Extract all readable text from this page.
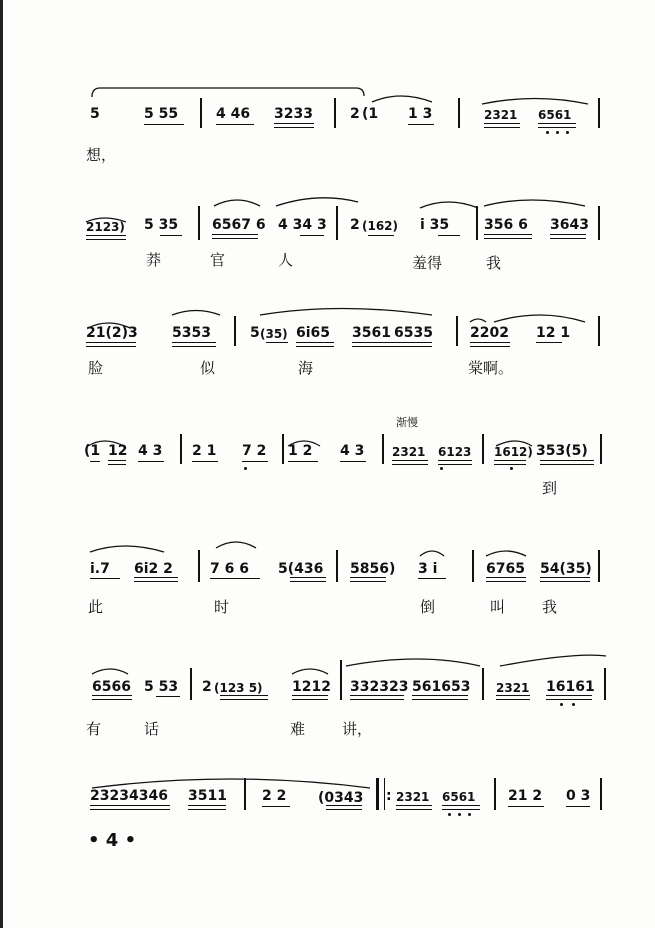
5	5 55	4 46 3233	2 (1 1 3	2321 6561
想，
2123) 5 35 6567 6 4 34 3 2 (162) i 35 356 6 3643
莽	官	人	羞得	我
21(2)3 5353	5 (35) 6i65 3561 6535	2202 12 1
脸	似	海	棠啊。
渐慢
(1 12 4 3 2 1 7 2 1 2 4 3 2321 6123 1612) 353(5)
到
i.7 6i2 2	7 6 6 5(436 5856) 3 i	6765 54(35)
此	时	倒	叫 我
6566 5 53 2 (123 5) 1212 332323 561653 2321 16161
有	话	难 讲，
23234346 3511	2 2 (0343 : 2321 6561 21 2 0 3
• 4 •
